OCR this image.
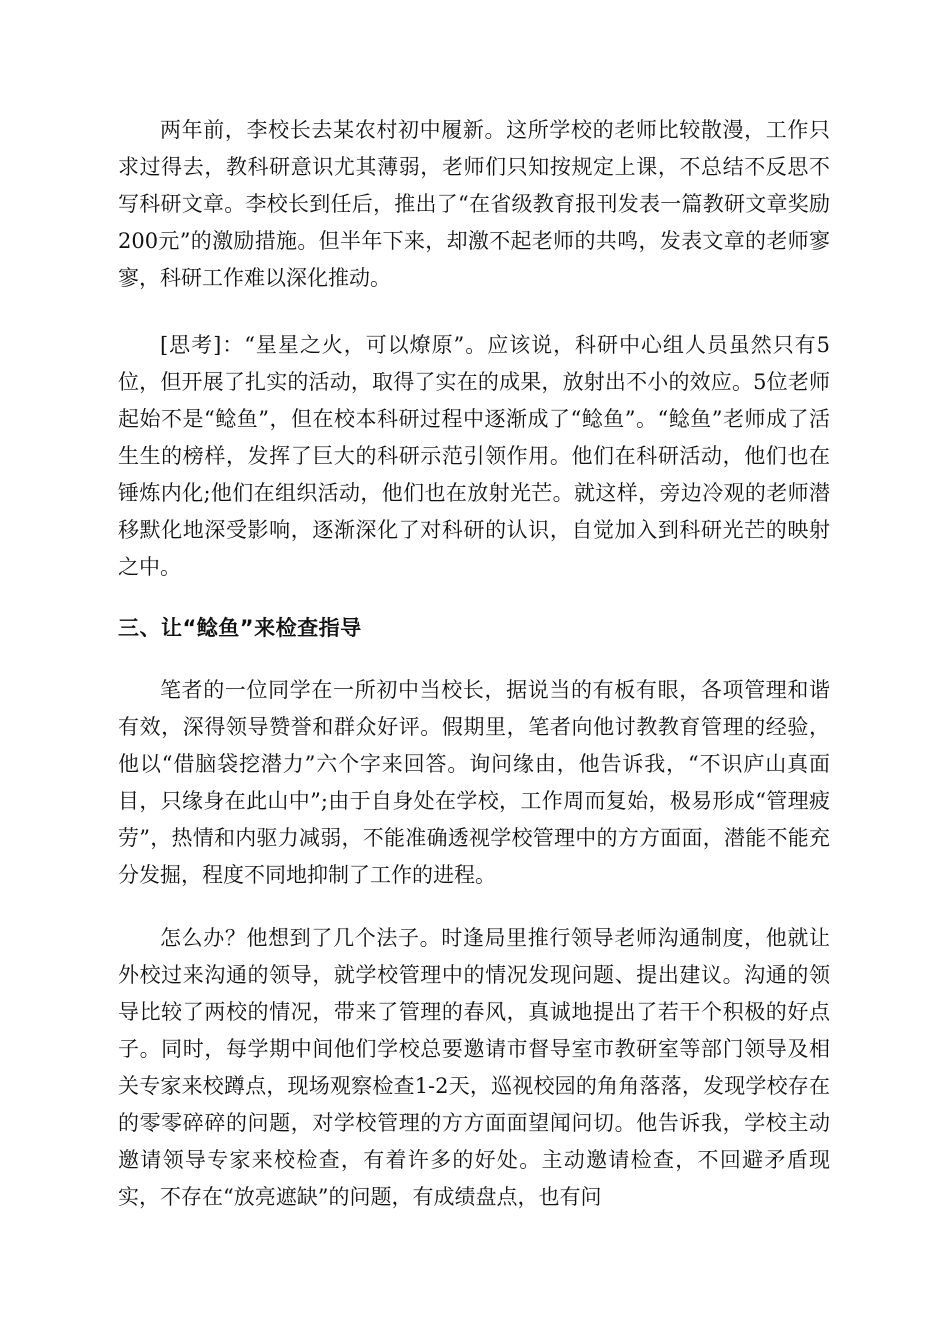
两年前，李校长去某农村初中履新。这所学校的老师比较散漫，工作只求过得去，教科研意识尤其薄弱，老师们只知按规定上课，不总结不反思不写科研文章。李校长到任后，推出了“在省级教育报刊发表一篇教研文章奖励200元”的激励措施。但半年下来，却激不起老师的共鸣，发表文章的老师寥寥，科研工作难以深化推动。

[思考]：“星星之火，可以燎原”。应该说，科研中心组人员虽然只有5位，但开展了扎实的活动，取得了实在的成果，放射出不小的效应。5位老师起始不是“鲶鱼”，但在校本科研过程中逐渐成了“鲶鱼”。“鲶鱼”老师成了活生生的榜样，发挥了巨大的科研示范引领作用。他们在科研活动，他们也在锤炼内化;他们在组织活动，他们也在放射光芒。就这样，旁边冷观的老师潜移默化地深受影响，逐渐深化了对科研的认识，自觉加入到科研光芒的映射之中。

三、让“鲶鱼”来检查指导

笔者的一位同学在一所初中当校长，据说当的有板有眼，各项管理和谐有效，深得领导赞誉和群众好评。假期里，笔者向他讨教教育管理的经验，他以“借脑袋挖潜力”六个字来回答。询问缘由，他告诉我，“不识庐山真面目，只缘身在此山中”;由于自身处在学校，工作周而复始，极易形成“管理疲劳”，热情和内驱力减弱，不能准确透视学校管理中的方方面面，潜能不能充分发掘，程度不同地抑制了工作的进程。

怎么办？他想到了几个法子。时逢局里推行领导老师沟通制度，他就让外校过来沟通的领导，就学校管理中的情况发现问题、提出建议。沟通的领导比较了两校的情况，带来了管理的春风，真诚地提出了若干个积极的好点子。同时，每学期中间他们学校总要邀请市督导室市教研室等部门领导及相关专家来校蹲点，现场观察检查1-2天，巡视校园的角角落落，发现学校存在的零零碎碎的问题，对学校管理的方方面面望闻问切。他告诉我，学校主动邀请领导专家来校检查，有着许多的好处。主动邀请检查，不回避矛盾现实，不存在“放亮遮缺”的问题，有成绩盘点，也有问
